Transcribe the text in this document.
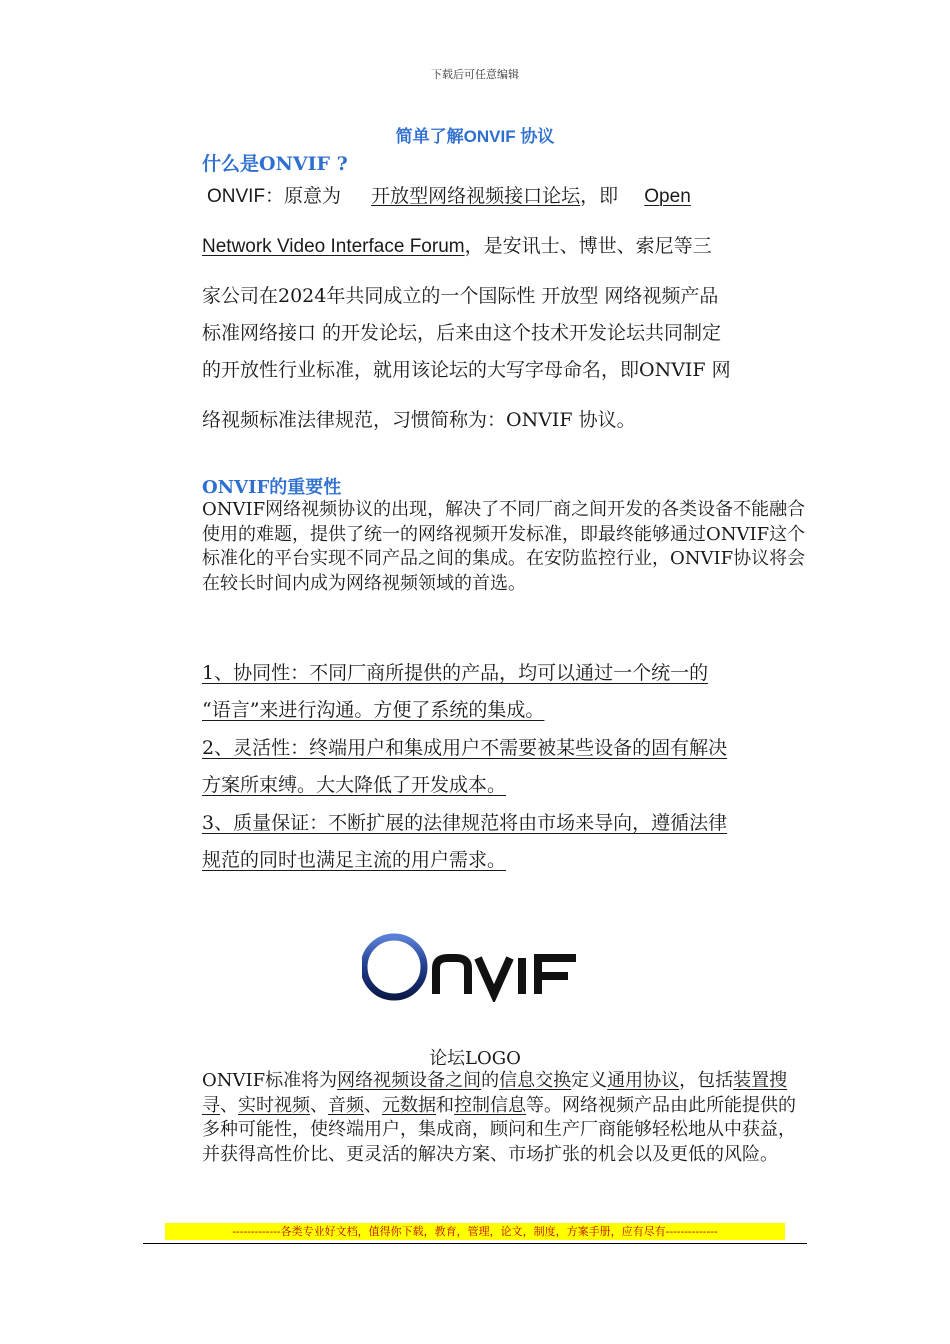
下载后可任意编辑
简单了解ONVIF 协议
什么是ONVIF ?
ONVIF：原意为 开放型网络视频接口论坛，即 Open
Network Video Interface Forum，是安讯士、博世、索尼等三
家公司在2024年共同成立的一个国际性 开放型 网络视频产品
标准网络接口 的开发论坛，后来由这个技术开发论坛共同制定
的开放性行业标准，就用该论坛的大写字母命名，即ONVIF 网
络视频标准法律规范，习惯简称为：ONVIF 协议。
ONVIF的重要性
ONVIF网络视频协议的出现，解决了不同厂商之间开发的各类设备不能融合使用的难题，提供了统一的网络视频开发标准，即最终能够通过ONVIF这个标准化的平台实现不同产品之间的集成。在安防监控行业，ONVIF协议将会在较长时间内成为网络视频领域的首选。
1、协同性：不同厂商所提供的产品，均可以通过一个统一的
“语言”来进行沟通。方便了系统的集成。
2、灵活性：终端用户和集成用户不需要被某些设备的固有解决
方案所束缚。大大降低了开发成本。
3、质量保证：不断扩展的法律规范将由市场来导向，遵循法律
规范的同时也满足主流的用户需求。
论坛LOGO
ONVIF标准将为网络视频设备之间的信息交换定义通用协议，包括装置搜寻、实时视频、音频、元数据和控制信息等。网络视频产品由此所能提供的多种可能性，使终端用户，集成商，顾问和生产厂商能够轻松地从中获益，并获得高性价比、更灵活的解决方案、市场扩张的机会以及更低的风险。
-------------各类专业好文档，值得你下载，教育，管理，论文，制度，方案手册，应有尽有--------------
